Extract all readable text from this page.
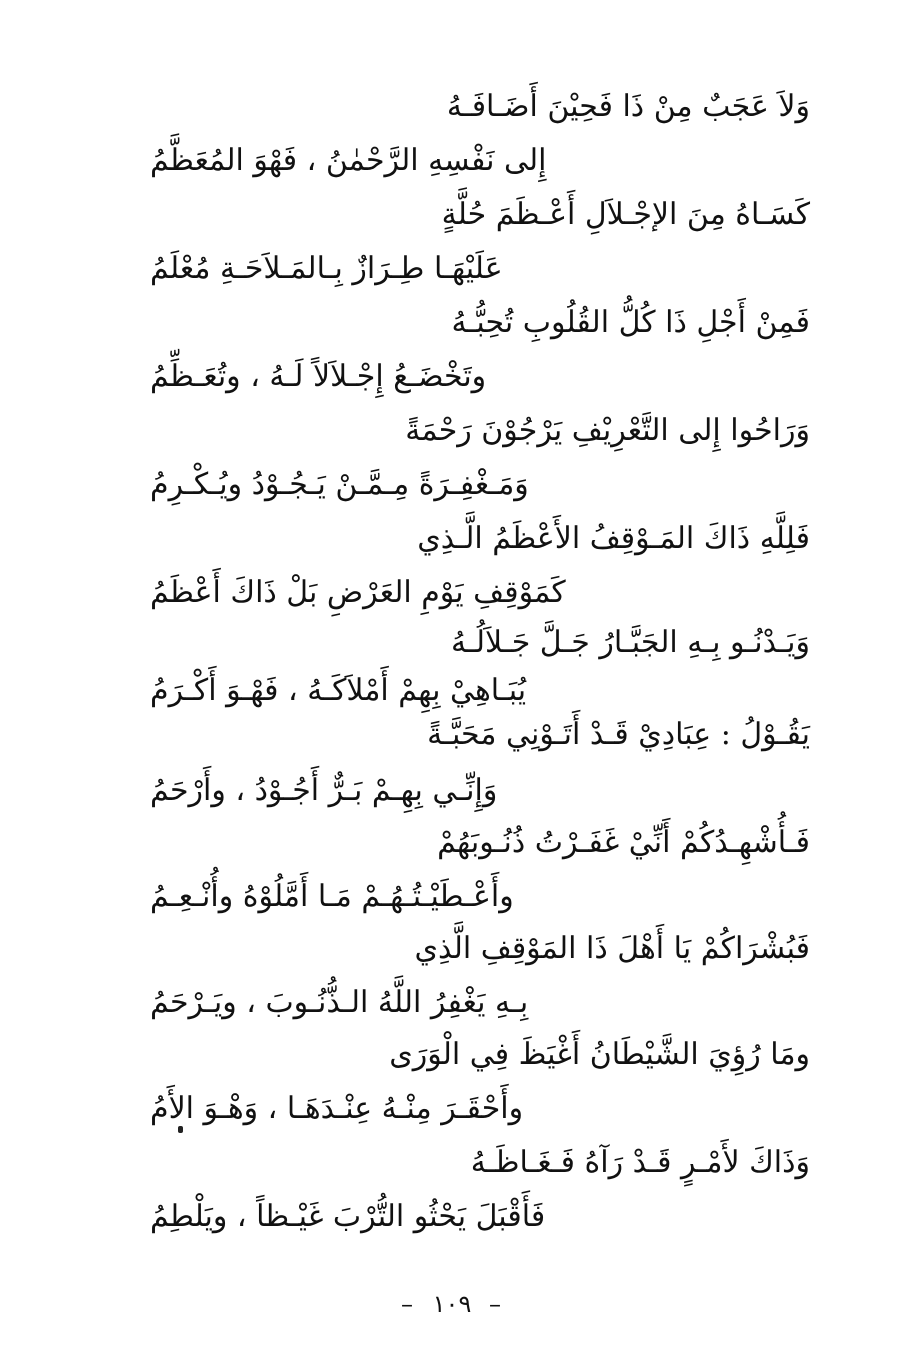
وَلاَ عَجَبٌ مِنْ ذَا فَحِيْنَ أَضَـافَـهُ
إِلى نَفْسِهِ الرَّحْمٰنُ ، فَهْوَ المُعَظَّمُ
كَسَـاهُ مِنَ الإجْـلاَلِ أَعْـظَمَ حُلَّةٍ
عَلَيْهَـا طِـرَازٌ بِـالمَـلاَحَـةِ مُعْلَمُ
فَمِنْ أَجْلِ ذَا كُلُّ القُلُوبِ تُحِبُّـهُ
وتَخْضَـعُ إِجْـلاَلاً لَـهُ ، وتُعَـظِّمُ
وَرَاحُوا إِلى التَّعْرِيْفِ يَرْجُوْنَ رَحْمَةً
وَمَـغْفِـرَةً مِـمَّـنْ يَـجُـوْدُ ويُـكْـرِمُ
فَلِلَّهِ ذَاكَ المَـوْقِفُ الأَعْظَمُ الَّـذِي
كَمَوْقِفِ يَوْمِ العَرْضِ بَلْ ذَاكَ أَعْظَمُ
وَيَـدْنُـو بِـهِ الجَبَّـارُ جَـلَّ جَـلاَلُـهُ
يُبَـاهِيْ بِهِمْ أَمْلاَكَـهُ ، فَهْـوَ أَكْـرَمُ
يَقُـوْلُ : عِبَادِيْ قَـدْ أَتَـوْنِي مَحَبَّـةً
وَإِنِّـي بِهِـمْ بَـرٌّ أَجُـوْدُ ، وأَرْحَمُ
فَـأُشْهِـدُكُمْ أَنِّيْ غَفَـرْتُ ذُنُـوبَهُمْ
وأَعْـطَيْـتُـهُـمْ مَـا أَمَّلُوْهُ وأُنْـعِـمُ
فَبُشْرَاكُمْ يَا أَهْلَ ذَا المَوْقِفِ الَّذِي
بِـهِ يَغْفِرُ اللَّهُ الـذُّنُـوبَ ، ويَـرْحَمُ
ومَا رُؤِيَ الشَّيْطَانُ أَغْيَظَ فِي الْوَرَى
وأَحْقَـرَ مِنْـهُ عِنْـدَهَـا ، وَهْـوَ الأَمُ
وَذَاكَ لأَمْـرٍ قَـدْ رَآهُ فَـغَـاظَـهُ
فَأَقْبَلَ يَحْثُو التُّرْبَ غَيْـظاً ، ويَلْطِمُ
– ١٠٩ –
